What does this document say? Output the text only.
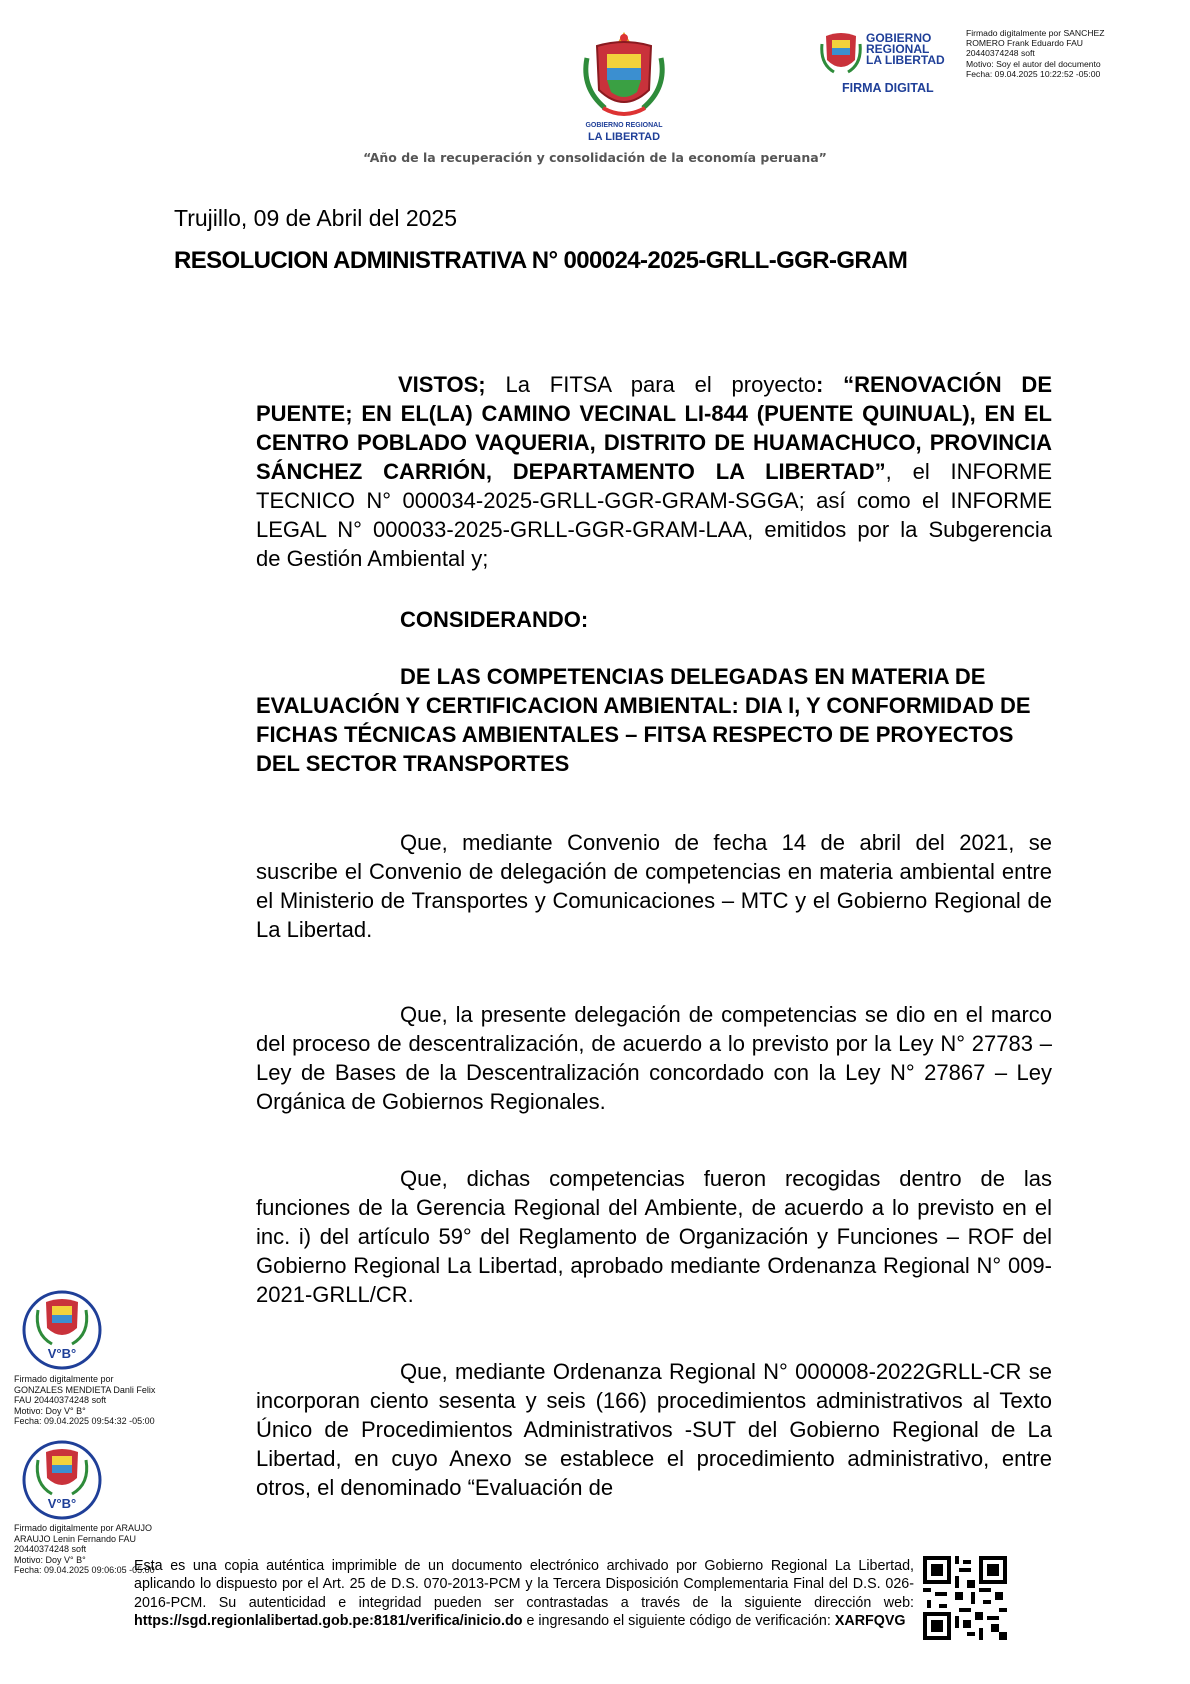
GOBIERNO REGIONAL
LA LIBERTAD
“Año de la recuperación y consolidación de la economía peruana”
GOBIERNO
REGIONAL
LA LIBERTAD
FIRMA DIGITAL
Firmado digitalmente por SANCHEZ
ROMERO Frank Eduardo FAU
20440374248 soft
Motivo: Soy el autor del documento
Fecha: 09.04.2025 10:22:52 -05:00
Trujillo, 09 de Abril del 2025
RESOLUCION ADMINISTRATIVA N° 000024-2025-GRLL-GGR-GRAM
VISTOS; La FITSA para el proyecto: “RENOVACIÓN DE PUENTE; EN EL(LA) CAMINO VECINAL LI-844 (PUENTE QUINUAL), EN EL CENTRO POBLADO VAQUERIA, DISTRITO DE HUAMACHUCO, PROVINCIA SÁNCHEZ CARRIÓN, DEPARTAMENTO LA LIBERTAD”, el INFORME TECNICO N° 000034-2025-GRLL-GGR-GRAM-SGGA; así como el INFORME LEGAL N° 000033-2025-GRLL-GGR-GRAM-LAA, emitidos por la Subgerencia de Gestión Ambiental y;
CONSIDERANDO:
DE LAS COMPETENCIAS DELEGADAS EN MATERIA DE EVALUACIÓN Y CERTIFICACION AMBIENTAL: DIA I, Y CONFORMIDAD DE FICHAS TÉCNICAS AMBIENTALES – FITSA RESPECTO DE PROYECTOS DEL SECTOR TRANSPORTES
Que, mediante Convenio de fecha 14 de abril del 2021, se suscribe el Convenio de delegación de competencias en materia ambiental entre el Ministerio de Transportes y Comunicaciones – MTC y el Gobierno Regional de La Libertad.
Que, la presente delegación de competencias se dio en el marco del proceso de descentralización, de acuerdo a lo previsto por la Ley N° 27783 – Ley de Bases de la Descentralización concordado con la Ley N° 27867 – Ley Orgánica de Gobiernos Regionales.
Que, dichas competencias fueron recogidas dentro de las funciones de la Gerencia Regional del Ambiente, de acuerdo a lo previsto en el inc. i) del artículo 59° del Reglamento de Organización y Funciones – ROF del Gobierno Regional La Libertad, aprobado mediante Ordenanza Regional N° 009-2021-GRLL/CR.
Que, mediante Ordenanza Regional N° 000008-2022GRLL-CR se incorporan ciento sesenta y seis (166) procedimientos administrativos al Texto Único de Procedimientos Administrativos -SUT del Gobierno Regional de La Libertad, en cuyo Anexo se establece el procedimiento administrativo, entre otros, el denominado “Evaluación de
V°B°
Firmado digitalmente por
GONZALES MENDIETA Danli Felix
FAU 20440374248 soft
Motivo: Doy V° B°
Fecha: 09.04.2025 09:54:32 -05:00
V°B°
Firmado digitalmente por ARAUJO
ARAUJO Lenin Fernando FAU
20440374248 soft
Motivo: Doy V° B°
Fecha: 09.04.2025 09:06:05 -05:00
Esta es una copia auténtica imprimible de un documento electrónico archivado por Gobierno Regional La Libertad, aplicando lo dispuesto por el Art. 25 de D.S. 070-2013-PCM y la Tercera Disposición Complementaria Final del D.S. 026- 2016-PCM. Su autenticidad e integridad pueden ser contrastadas a través de la siguiente dirección web: https://sgd.regionlalibertad.gob.pe:8181/verifica/inicio.do e ingresando el siguiente código de verificación: XARFQVG
